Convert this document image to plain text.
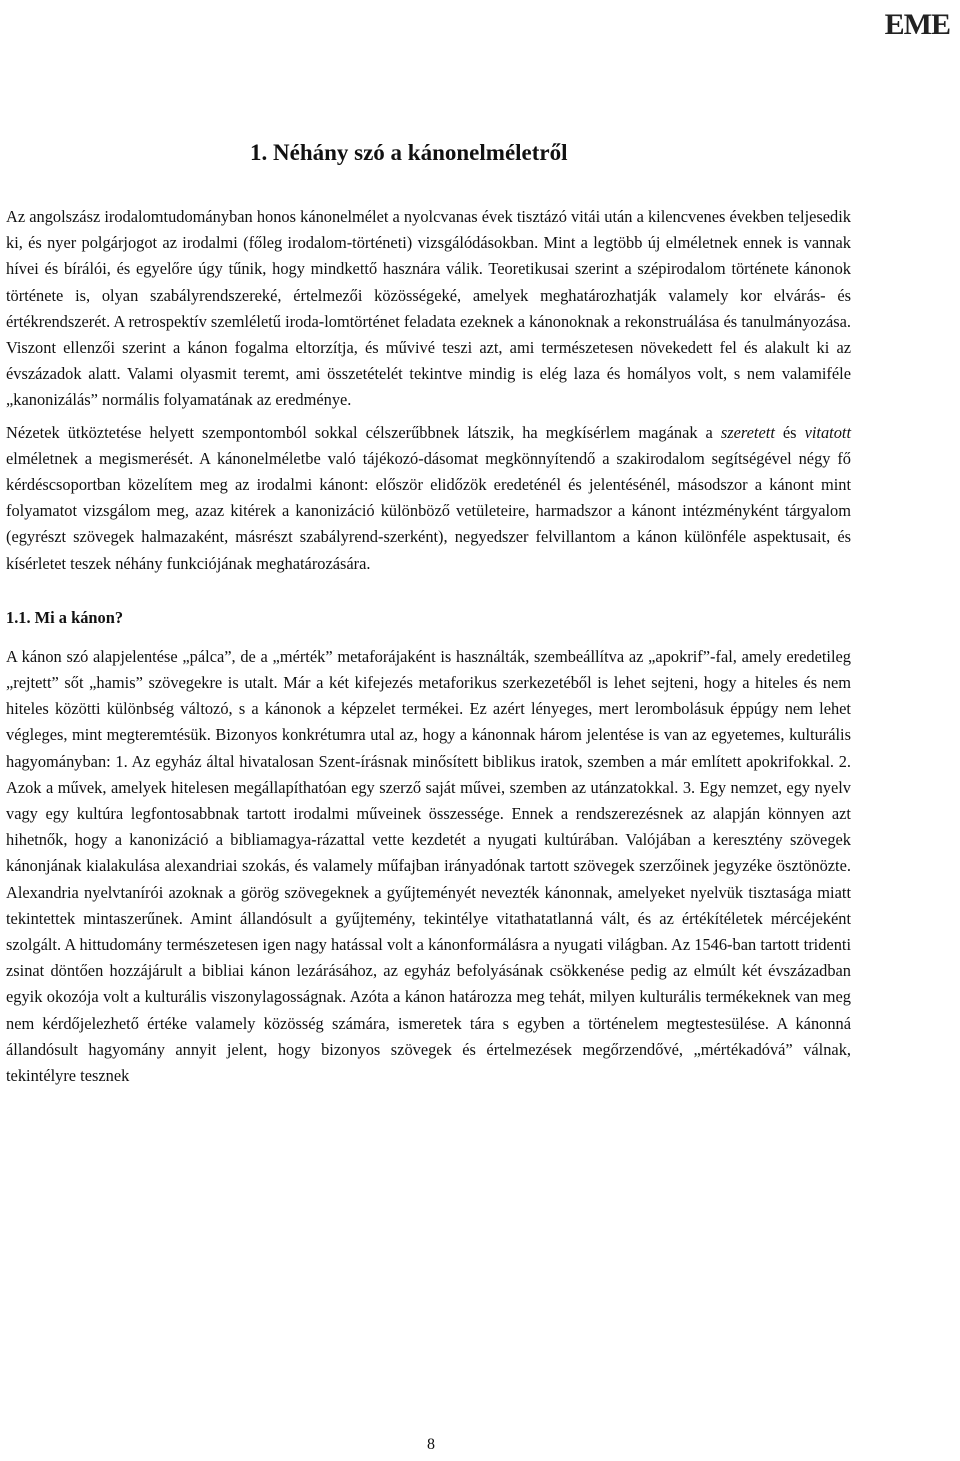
EME
1. Néhány szó a kánonelméletről

Az angolszász irodalomtudományban honos kánonelmélet a nyolcvanas évek tisztázó vitái után a kilencvenes években teljesedik ki, és nyer polgárjogot az irodalmi (főleg irodalom-történeti) vizsgálódásokban. Mint a legtöbb új elméletnek ennek is vannak hívei és bírálói, és egyelőre úgy tűnik, hogy mindkettő hasznára válik. Teoretikusai szerint a szépirodalom története kánonok története is, olyan szabályrendszereké, értelmezői közösségeké, amelyek meghatározhatják valamely kor elvárás- és értékrendszerét. A retrospektív szemléletű iroda-lomtörténet feladata ezeknek a kánonoknak a rekonstruálása és tanulmányozása. Viszont ellenzői szerint a kánon fogalma eltorzítja, és művivé teszi azt, ami természetesen növekedett fel és alakult ki az évszázadok alatt. Valami olyasmit teremt, ami összetételét tekintve mindig is elég laza és homályos volt, s nem valamiféle „kanonizálás” normális folyamatának az eredménye.

Nézetek ütköztetése helyett szempontomból sokkal célszerűbbnek látszik, ha megkísérlem magának a szeretett és vitatott elméletnek a megismerését. A kánonelméletbe való tájékozó-dásomat megkönnyítendő a szakirodalom segítségével négy fő kérdéscsoportban közelítem meg az irodalmi kánont: először elidőzök eredeténél és jelentésénél, másodszor a kánont mint folyamatot vizsgálom meg, azaz kitérek a kanonizáció különböző vetületeire, harmadszor a kánont intézményként tárgyalom (egyrészt szövegek halmazaként, másrészt szabályrend-szerként), negyedszer felvillantom a kánon különféle aspektusait, és kísérletet teszek néhány funkciójának meghatározására.

1.1. Mi a kánon?

A kánon szó alapjelentése „pálca”, de a „mérték” metaforájaként is használták, szembeállítva az „apokrif”-fal, amely eredetileg „rejtett” sőt „hamis” szövegekre is utalt. Már a két kifejezés metaforikus szerkezetéből is lehet sejteni, hogy a hiteles és nem hiteles közötti különbség változó, s a kánonok a képzelet termékei. Ez azért lényeges, mert lerombolásuk éppúgy nem lehet végleges, mint megteremtésük. Bizonyos konkrétumra utal az, hogy a kánonnak három jelentése is van az egyetemes, kulturális hagyományban: 1. Az egyház által hivatalosan Szent-írásnak minősített biblikus iratok, szemben a már említett apokrifokkal. 2. Azok a művek, amelyek hitelesen megállapíthatóan egy szerző saját művei, szemben az utánzatokkal. 3. Egy nemzet, egy nyelv vagy egy kultúra legfontosabbnak tartott irodalmi műveinek összessége. Ennek a rendszerezésnek az alapján könnyen azt hihetnők, hogy a kanonizáció a bibliamagya-rázattal vette kezdetét a nyugati kultúrában. Valójában a keresztény szövegek kánonjának kialakulása alexandriai szokás, és valamely műfajban irányadónak tartott szövegek szerzőinek jegyzéke ösztönözte. Alexandria nyelvtanírói azoknak a görög szövegeknek a gyűjteményét nevezték kánonnak, amelyeket nyelvük tisztasága miatt tekintettek mintaszerűnek. Amint állandósult a gyűjtemény, tekintélye vitathatatlanná vált, és az értékítéletek mércéjeként szolgált. A hittudomány természetesen igen nagy hatással volt a kánonformálásra a nyugati világban. Az 1546-ban tartott tridenti zsinat döntően hozzájárult a bibliai kánon lezárásához, az egyház befolyásának csökkenése pedig az elmúlt két évszázadban egyik okozója volt a kulturális viszonylagosságnak. Azóta a kánon határozza meg tehát, milyen kulturális termékeknek van meg nem kérdőjelezhető értéke valamely közösség számára, ismeretek tára s egyben a történelem megtestesülése. A kánonná állandósult hagyomány annyit jelent, hogy bizonyos szövegek és értelmezések megőrzendővé, „mértékadóvá” válnak, tekintélyre tesznek

8
